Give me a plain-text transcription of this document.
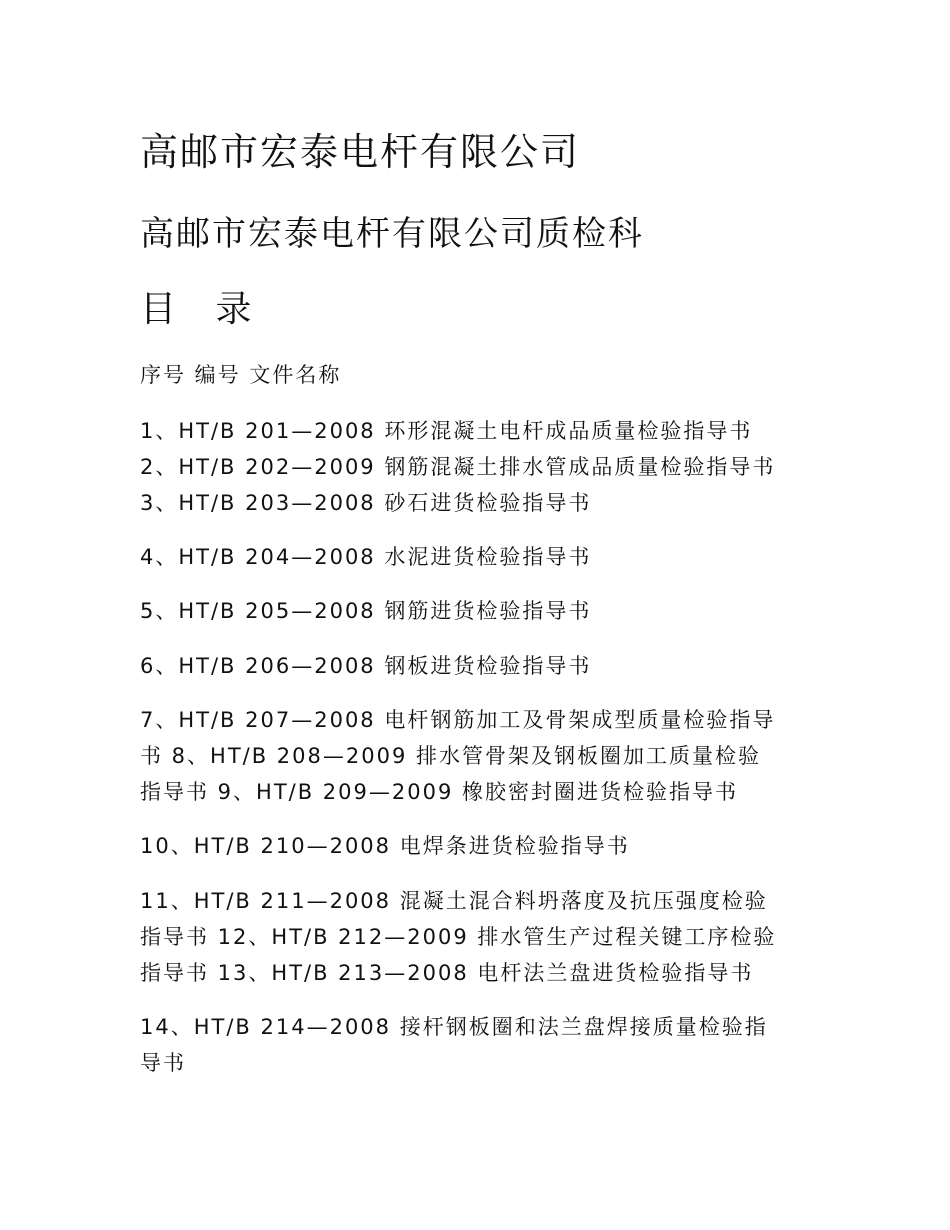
高邮市宏泰电杆有限公司
高邮市宏泰电杆有限公司质检科
目 录

序号 编号 文件名称

1、HT/B 201—2008 环形混凝土电杆成品质量检验指导书
2、HT/B 202—2009 钢筋混凝土排水管成品质量检验指导书
3、HT/B 203—2008 砂石进货检验指导书

4、HT/B 204—2008 水泥进货检验指导书

5、HT/B 205—2008 钢筋进货检验指导书

6、HT/B 206—2008 钢板进货检验指导书

7、HT/B 207—2008 电杆钢筋加工及骨架成型质量检验指导
书 8、HT/B 208—2009 排水管骨架及钢板圈加工质量检验
指导书 9、HT/B 209—2009 橡胶密封圈进货检验指导书

10、HT/B 210—2008 电焊条进货检验指导书

11、HT/B 211—2008 混凝土混合料坍落度及抗压强度检验
指导书 12、HT/B 212—2009 排水管生产过程关键工序检验
指导书 13、HT/B 213—2008 电杆法兰盘进货检验指导书

14、HT/B 214—2008 接杆钢板圈和法兰盘焊接质量检验指
导书
